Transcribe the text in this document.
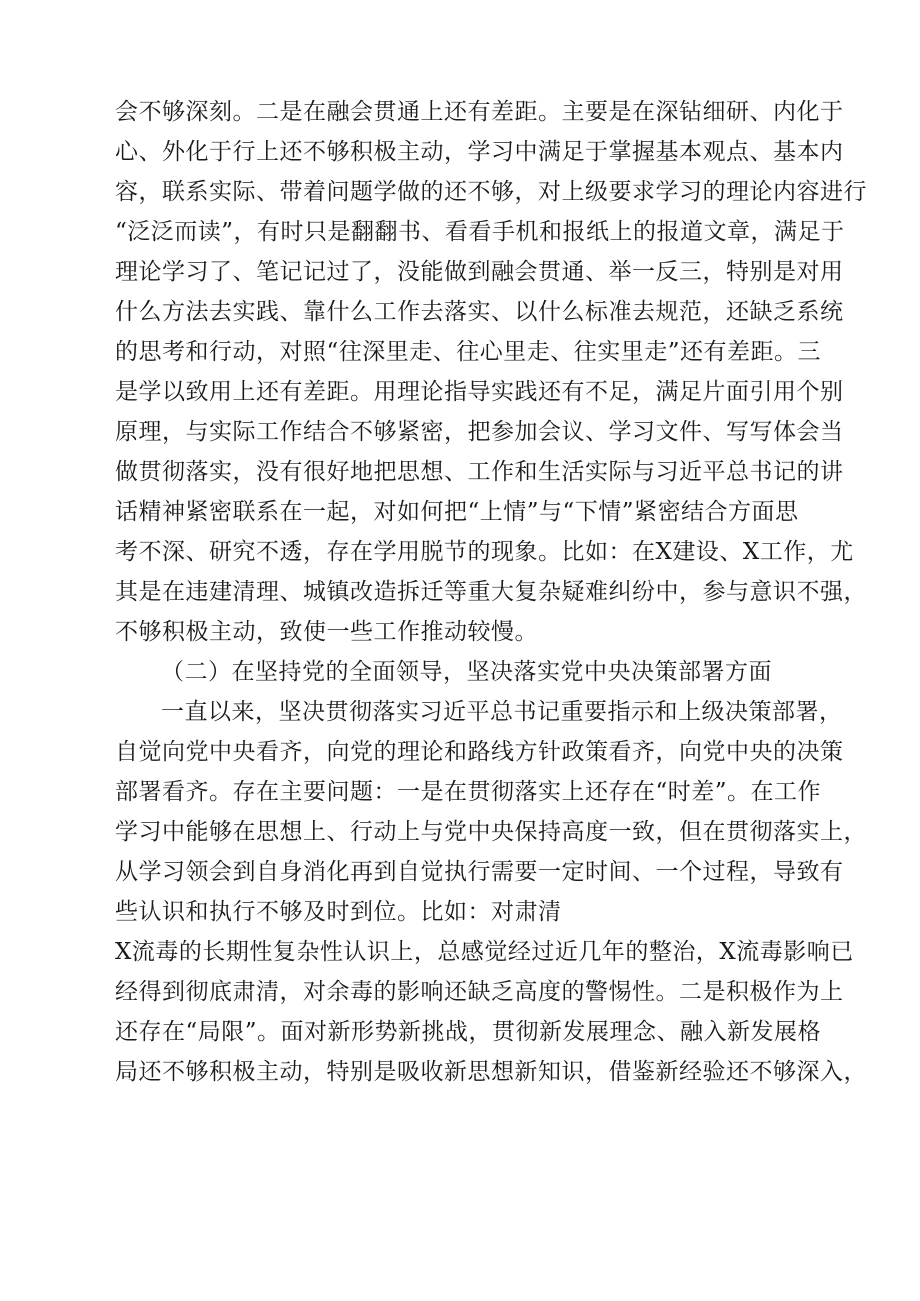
会不够深刻。二是在融会贯通上还有差距。主要是在深钻细研、内化于
心、外化于行上还不够积极主动，学习中满足于掌握基本观点、基本内
容，联系实际、带着问题学做的还不够，对上级要求学习的理论内容进行
“泛泛而读”，有时只是翻翻书、看看手机和报纸上的报道文章，满足于
理论学习了、笔记记过了，没能做到融会贯通、举一反三，特别是对用
什么方法去实践、靠什么工作去落实、以什么标准去规范，还缺乏系统
的思考和行动，对照“往深里走、往心里走、往实里走”还有差距。三
是学以致用上还有差距。用理论指导实践还有不足，满足片面引用个别
原理，与实际工作结合不够紧密，把参加会议、学习文件、写写体会当
做贯彻落实，没有很好地把思想、工作和生活实际与习近平总书记的讲
话精神紧密联系在一起，对如何把“上情”与“下情”紧密结合方面思
考不深、研究不透，存在学用脱节的现象。比如：在X建设、X工作，尤
其是在违建清理、城镇改造拆迁等重大复杂疑难纠纷中，参与意识不强，
不够积极主动，致使一些工作推动较慢。
（二）在坚持党的全面领导，坚决落实党中央决策部署方面
一直以来，坚决贯彻落实习近平总书记重要指示和上级决策部署，
自觉向党中央看齐，向党的理论和路线方针政策看齐，向党中央的决策
部署看齐。存在主要问题：一是在贯彻落实上还存在“时差”。在工作
学习中能够在思想上、行动上与党中央保持高度一致，但在贯彻落实上，
从学习领会到自身消化再到自觉执行需要一定时间、一个过程，导致有
些认识和执行不够及时到位。比如：对肃清
X流毒的长期性复杂性认识上，总感觉经过近几年的整治，X流毒影响已
经得到彻底肃清，对余毒的影响还缺乏高度的警惕性。二是积极作为上
还存在“局限”。面对新形势新挑战，贯彻新发展理念、融入新发展格
局还不够积极主动，特别是吸收新思想新知识，借鉴新经验还不够深入，
